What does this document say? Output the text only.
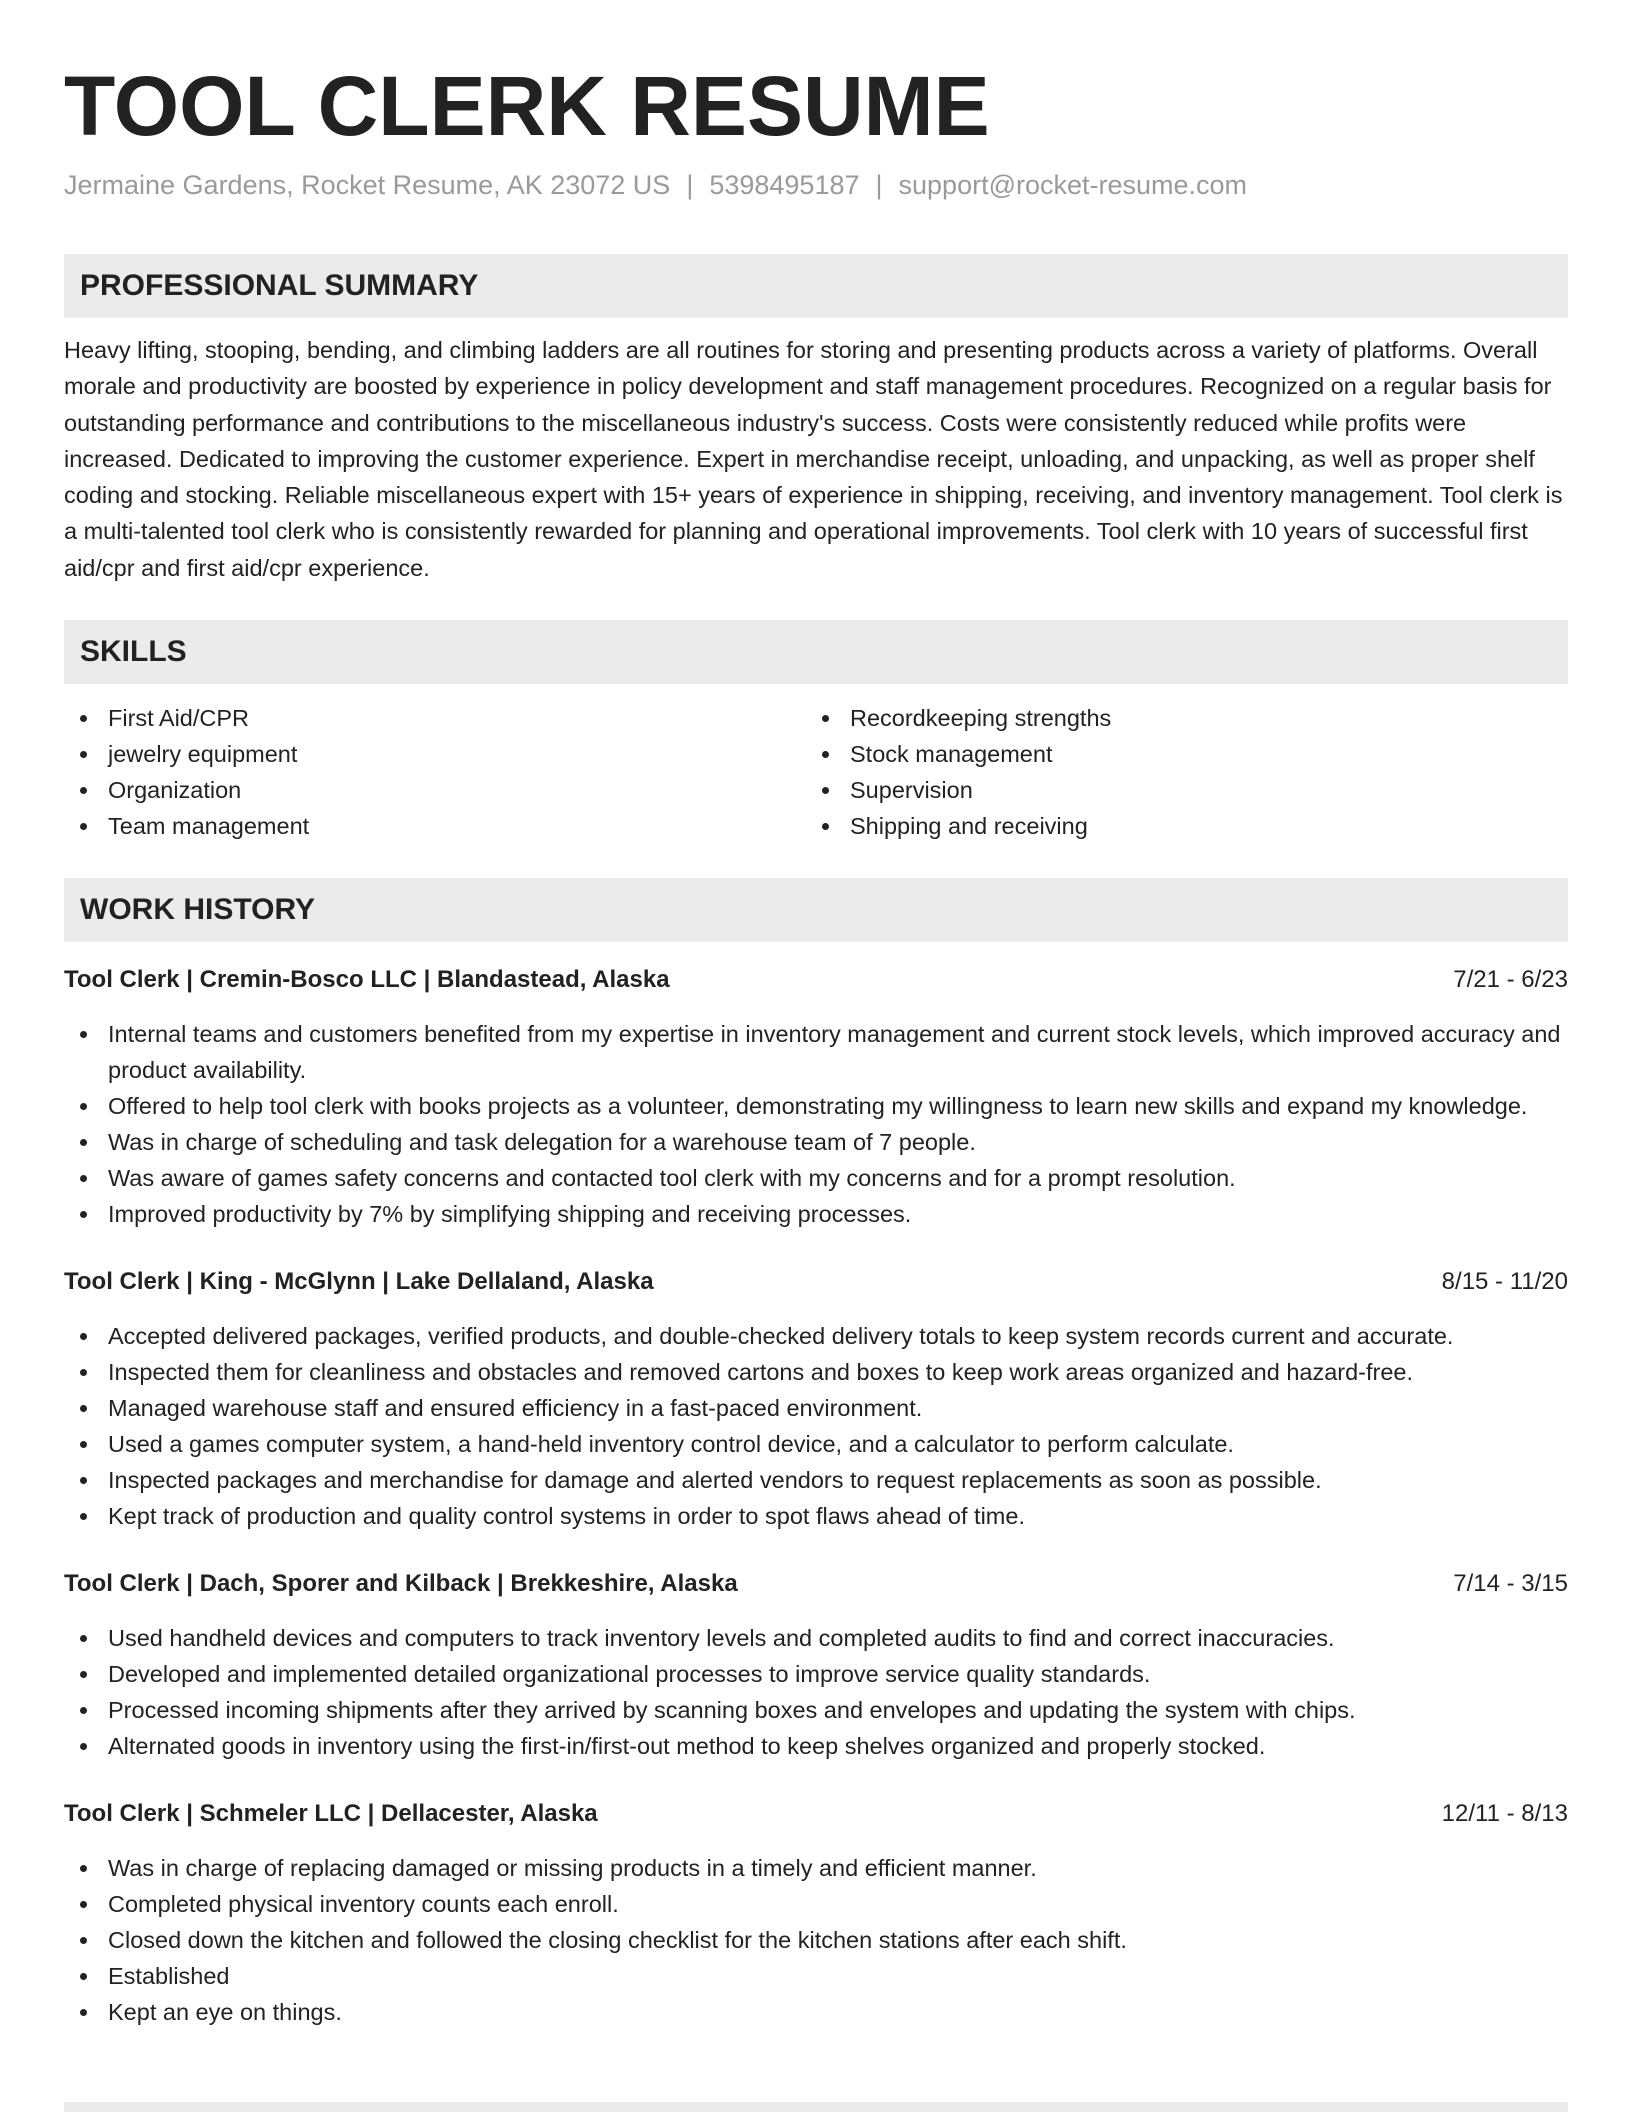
TOOL CLERK RESUME
Jermaine Gardens, Rocket Resume, AK 23072 US | 5398495187 | support@rocket-resume.com
PROFESSIONAL SUMMARY

Heavy lifting, stooping, bending, and climbing ladders are all routines for storing and presenting products across a variety of platforms. Overall morale and productivity are boosted by experience in policy development and staff management procedures. Recognized on a regular basis for outstanding performance and contributions to the miscellaneous industry's success. Costs were consistently reduced while profits were increased. Dedicated to improving the customer experience. Expert in merchandise receipt, unloading, and unpacking, as well as proper shelf coding and stocking. Reliable miscellaneous expert with 15+ years of experience in shipping, receiving, and inventory management. Tool clerk is a multi-talented tool clerk who is consistently rewarded for planning and operational improvements. Tool clerk with 10 years of successful first aid/cpr and first aid/cpr experience.

SKILLS
First Aid/CPR
jewelry equipment
Organization
Team management
Recordkeeping strengths
Stock management
Supervision
Shipping and receiving
WORK HISTORY
Tool Clerk | Cremin-Bosco LLC | Blandastead, Alaska	7/21 - 6/23
Internal teams and customers benefited from my expertise in inventory management and current stock levels, which improved accuracy and product availability.
Offered to help tool clerk with books projects as a volunteer, demonstrating my willingness to learn new skills and expand my knowledge.
Was in charge of scheduling and task delegation for a warehouse team of 7 people.
Was aware of games safety concerns and contacted tool clerk with my concerns and for a prompt resolution.
Improved productivity by 7% by simplifying shipping and receiving processes.
Tool Clerk | King - McGlynn | Lake Dellaland, Alaska	8/15 - 11/20
Accepted delivered packages, verified products, and double-checked delivery totals to keep system records current and accurate.
Inspected them for cleanliness and obstacles and removed cartons and boxes to keep work areas organized and hazard-free.
Managed warehouse staff and ensured efficiency in a fast-paced environment.
Used a games computer system, a hand-held inventory control device, and a calculator to perform calculate.
Inspected packages and merchandise for damage and alerted vendors to request replacements as soon as possible.
Kept track of production and quality control systems in order to spot flaws ahead of time.
Tool Clerk | Dach, Sporer and Kilback | Brekkeshire, Alaska	7/14 - 3/15
Used handheld devices and computers to track inventory levels and completed audits to find and correct inaccuracies.
Developed and implemented detailed organizational processes to improve service quality standards.
Processed incoming shipments after they arrived by scanning boxes and envelopes and updating the system with chips.
Alternated goods in inventory using the first-in/first-out method to keep shelves organized and properly stocked.
Tool Clerk | Schmeler LLC | Dellacester, Alaska	12/11 - 8/13
Was in charge of replacing damaged or missing products in a timely and efficient manner.
Completed physical inventory counts each enroll.
Closed down the kitchen and followed the closing checklist for the kitchen stations after each shift.
Established
Kept an eye on things.
